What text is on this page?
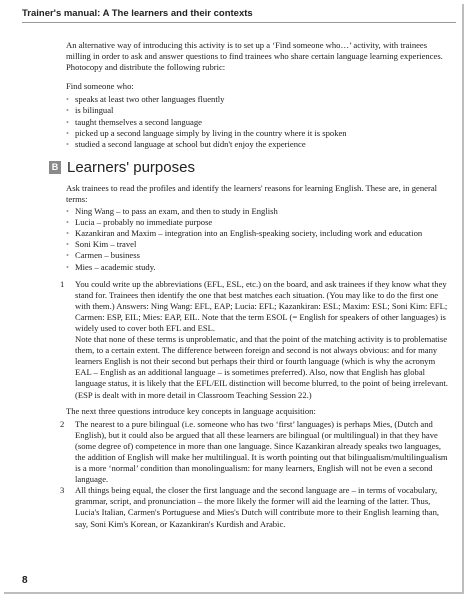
Trainer's manual: A The learners and their contexts

An alternative way of introducing this activity is to set up a ‘Find someone who…’ activity, with trainees milling in order to ask and answer questions to find trainees who share certain language learning experiences. Photocopy and distribute the following rubric:

Find someone who:

• speaks at least two other languages fluently
• is bilingual
• taught themselves a second language
• picked up a second language simply by living in the country where it is spoken
• studied a second language at school but didn't enjoy the experience
B Learners' purposes

Ask trainees to read the profiles and identify the learners' reasons for learning English. These are, in general terms:

• Ning Wang – to pass an exam, and then to study in English
• Lucia – probably no immediate purpose
• Kazankiran and Maxim – integration into an English-speaking society, including work and education
• Soni Kim – travel
• Carmen – business
• Mies – academic study.
1 You could write up the abbreviations (EFL, ESL, etc.) on the board, and ask trainees if they know what they stand for. Trainees then identify the one that best matches each situation. (You may like to do the first one with them.) Answers: Ning Wang: EFL, EAP; Lucia: EFL; Kazankiran: ESL; Maxim: ESL; Soni Kim: EFL; Carmen: ESP, EIL; Mies: EAP, EIL. Note that the term ESOL (= English for speakers of other languages) is widely used to cover both EFL and ESL.
Note that none of these terms is unproblematic, and that the point of the matching activity is to problematise them, to a certain extent. The difference between foreign and second is not always obvious: and for many learners English is not their second but perhaps their third or fourth language (which is why the acronym EAL – English as an additional language – is sometimes preferred). Also, now that English has global language status, it is likely that the EFL/EIL distinction will become blurred, to the point of being irrelevant. (ESP is dealt with in more detail in Classroom Teaching Session 22.)

The next three questions introduce key concepts in language acquisition:

2 The nearest to a pure bilingual (i.e. someone who has two ‘first’ languages) is perhaps Mies, (Dutch and English), but it could also be argued that all these learners are bilingual (or multilingual) in that they have (some degree of) competence in more than one language. Since Kazankiran already speaks two languages, the addition of English will make her multilingual. It is worth pointing out that bilingualism/multilingualism is a more ‘normal’ condition than monolingualism: for many learners, English will not be even a second language.
3 All things being equal, the closer the first language and the second language are – in terms of vocabulary, grammar, script, and pronunciation – the more likely the former will aid the learning of the latter. Thus, Lucia's Italian, Carmen's Portuguese and Mies's Dutch will contribute more to their English learning than, say, Soni Kim's Korean, or Kazankiran's Kurdish and Arabic.
8
